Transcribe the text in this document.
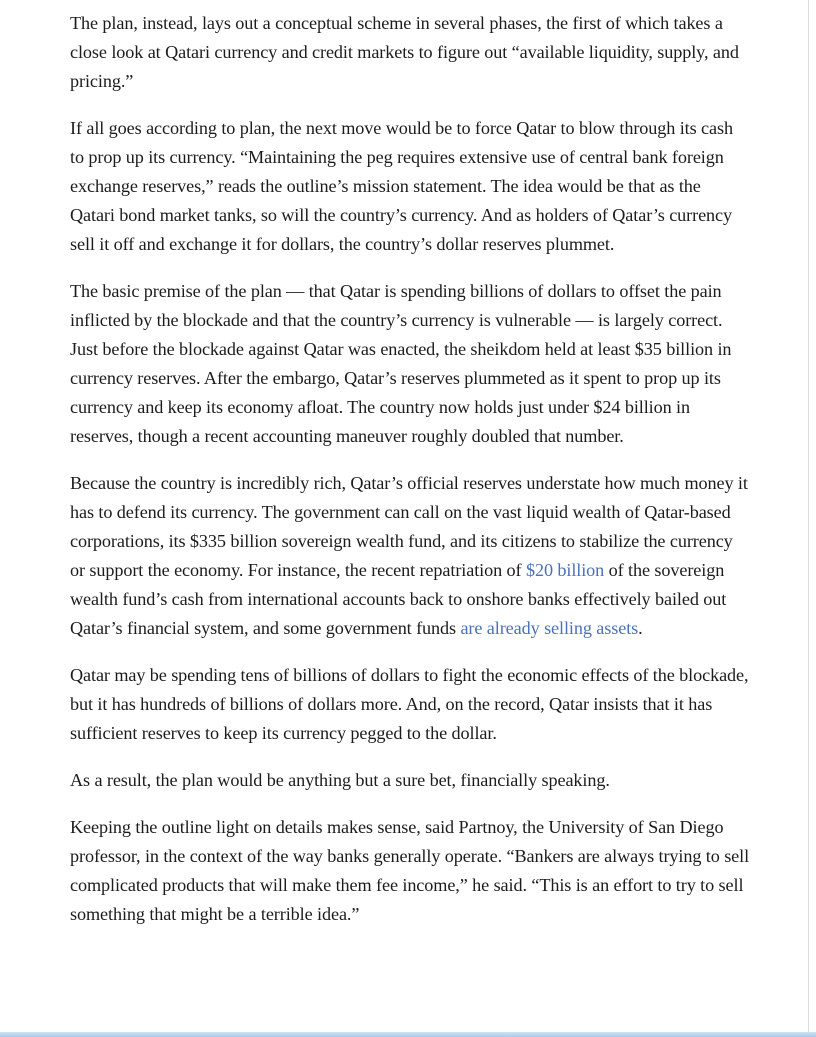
The plan, instead, lays out a conceptual scheme in several phases, the first of which takes a close look at Qatari currency and credit markets to figure out “available liquidity, supply, and pricing.”

If all goes according to plan, the next move would be to force Qatar to blow through its cash to prop up its currency. “Maintaining the peg requires extensive use of central bank foreign exchange reserves,” reads the outline’s mission statement. The idea would be that as the Qatari bond market tanks, so will the country’s currency. And as holders of Qatar’s currency sell it off and exchange it for dollars, the country’s dollar reserves plummet.

The basic premise of the plan — that Qatar is spending billions of dollars to offset the pain inflicted by the blockade and that the country’s currency is vulnerable — is largely correct. Just before the blockade against Qatar was enacted, the sheikdom held at least $35 billion in currency reserves. After the embargo, Qatar’s reserves plummeted as it spent to prop up its currency and keep its economy afloat. The country now holds just under $24 billion in reserves, though a recent accounting maneuver roughly doubled that number.

Because the country is incredibly rich, Qatar’s official reserves understate how much money it has to defend its currency. The government can call on the vast liquid wealth of Qatar-based corporations, its $335 billion sovereign wealth fund, and its citizens to stabilize the currency or support the economy. For instance, the recent repatriation of $20 billion of the sovereign wealth fund’s cash from international accounts back to onshore banks effectively bailed out Qatar’s financial system, and some government funds are already selling assets.

Qatar may be spending tens of billions of dollars to fight the economic effects of the blockade, but it has hundreds of billions of dollars more. And, on the record, Qatar insists that it has sufficient reserves to keep its currency pegged to the dollar.

As a result, the plan would be anything but a sure bet, financially speaking.

Keeping the outline light on details makes sense, said Partnoy, the University of San Diego professor, in the context of the way banks generally operate. “Bankers are always trying to sell complicated products that will make them fee income,” he said. “This is an effort to try to sell something that might be a terrible idea.”
